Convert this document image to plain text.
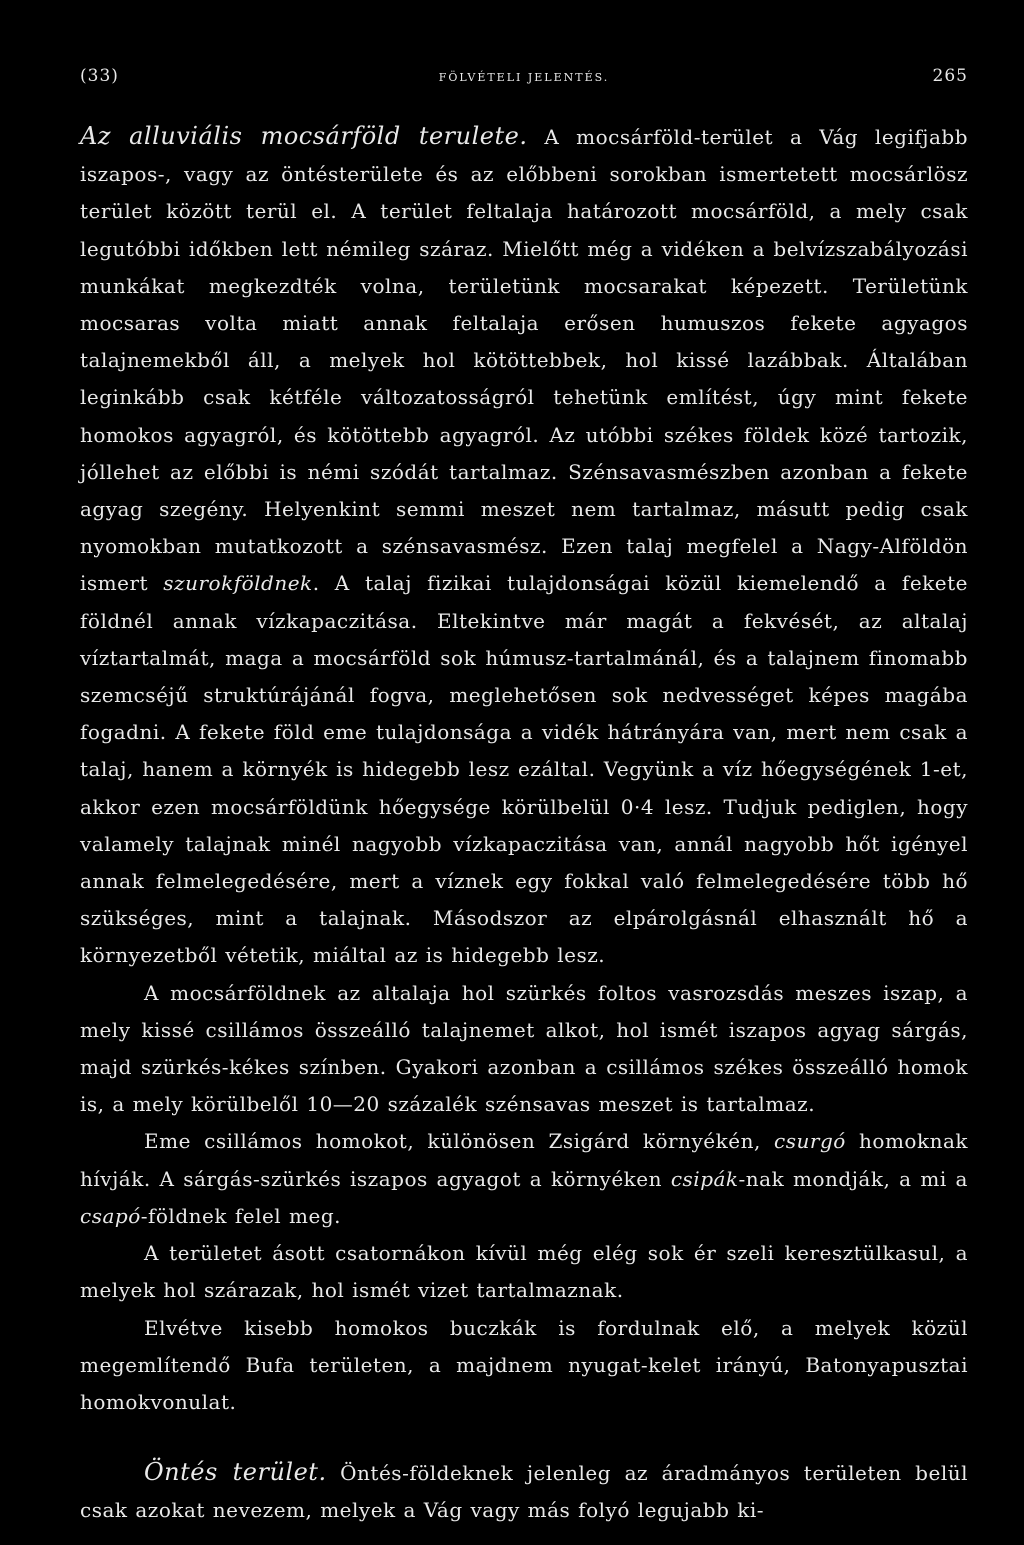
(33)	FÖLVÉTELI JELENTÉS.	265

Az alluviális mocsárföld terulete. A mocsárföld-terület a Vág legifjabb iszapos-, vagy az öntésterülete és az előbbeni sorokban ismertetett mocsárlösz terület között terül el. A terület feltalaja határozott mocsárföld, a mely csak legutóbbi időkben lett némileg száraz. Mielőtt még a vidéken a belvízszabályozási munkákat megkezdték volna, területünk mocsarakat képezett. Területünk mocsaras volta miatt annak feltalaja erősen humuszos fekete agyagos talajnemekből áll, a melyek hol kötöttebbek, hol kissé lazábbak. Általában leginkább csak kétféle változatosságról tehetünk említést, úgy mint fekete homokos agyagról, és kötöttebb agyagról. Az utóbbi székes földek közé tartozik, jóllehet az előbbi is némi szódát tartalmaz. Szénsavasmészben azonban a fekete agyag szegény. Helyenkint semmi meszet nem tartalmaz, másutt pedig csak nyomokban mutatkozott a szénsavasmész. Ezen talaj megfelel a Nagy-Alföldön ismert szurokföldnek. A talaj fizikai tulajdonságai közül kiemelendő a fekete földnél annak vízkapaczitása. Eltekintve már magát a fekvését, az altalaj víztartalmát, maga a mocsárföld sok húmusz-tartalmánál, és a talajnem finomabb szemcséjű struktúrájánál fogva, meglehetősen sok nedvességet képes magába fogadni. A fekete föld eme tulajdonsága a vidék hátrányára van, mert nem csak a talaj, hanem a környék is hidegebb lesz ezáltal. Vegyünk a víz hőegységének 1-et, akkor ezen mocsárföldünk hőegysége körülbelül 0·4 lesz. Tudjuk pediglen, hogy valamely talajnak minél nagyobb vízkapaczitása van, annál nagyobb hőt igényel annak felmelegedésére, mert a víznek egy fokkal való felmelegedésére több hő szükséges, mint a talajnak. Másodszor az elpárolgásnál elhasznált hő a környezetből vétetik, miáltal az is hidegebb lesz.

A mocsárföldnek az altalaja hol szürkés foltos vasrozsdás meszes iszap, a mely kissé csillámos összeálló talajnemet alkot, hol ismét iszapos agyag sárgás, majd szürkés-kékes színben. Gyakori azonban a csillámos székes összeálló homok is, a mely körülbelől 10—20 százalék szénsavas meszet is tartalmaz.

Eme csillámos homokot, különösen Zsigárd környékén, csurgó homoknak hívják. A sárgás-szürkés iszapos agyagot a környéken csipák-nak mondják, a mi a csapó-földnek felel meg.

A területet ásott csatornákon kívül még elég sok ér szeli keresztülkasul, a melyek hol szárazak, hol ismét vizet tartalmaznak.

Elvétve kisebb homokos buczkák is fordulnak elő, a melyek közül megemlítendő Bufa területen, a majdnem nyugat-kelet irányú, Batonyapusztai homokvonulat.

Öntés terület. Öntés-földeknek jelenleg az áradmányos területen belül csak azokat nevezem, melyek a Vág vagy más folyó legujabb ki-
